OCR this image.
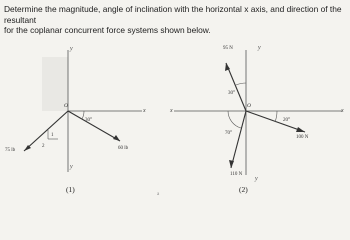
Determine the magnitude, angle of inclination with the horizontal x axis, and direction of the resultant
for the coplanar concurrent force systems shown below.
y
O
x
30°
60 lb
75 lb
1
2
y
(1)
a
95 N	y
30°
x
O
x
70°
20°
100 N
110 N
y
(2)
